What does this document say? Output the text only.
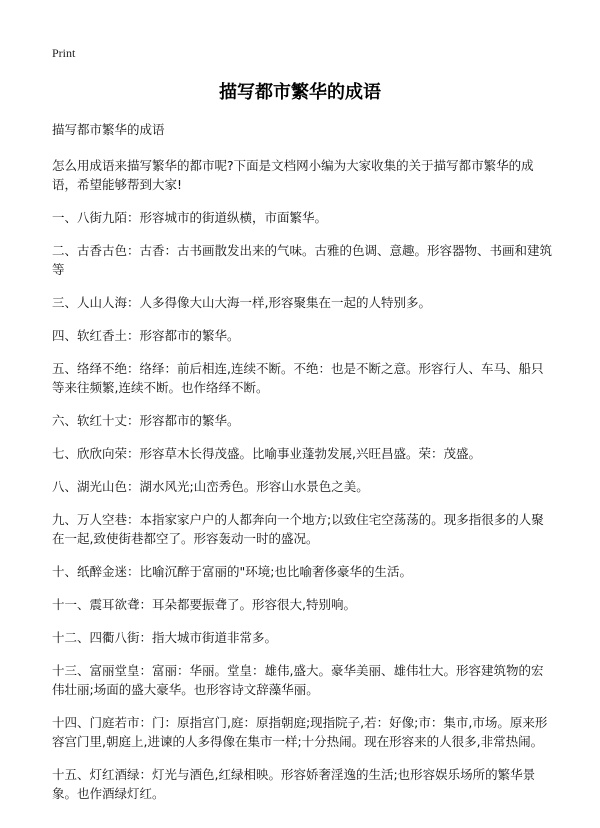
Print
描写都市繁华的成语

描写都市繁华的成语

怎么用成语来描写繁华的都市呢?下面是文档网小编为大家收集的关于描写都市繁华的成语，希望能够帮到大家!

一、八街九陌：形容城市的街道纵横，市面繁华。

二、古香古色：古香：古书画散发出来的气味。古雅的色调、意趣。形容器物、书画和建筑等

三、人山人海：人多得像大山大海一样,形容聚集在一起的人特别多。

四、软红香土：形容都市的繁华。

五、络绎不绝：络绎：前后相连,连续不断。不绝：也是不断之意。形容行人、车马、船只等来往频繁,连续不断。也作络绎不断。

六、软红十丈：形容都市的繁华。

七、欣欣向荣：形容草木长得茂盛。比喻事业蓬勃发展,兴旺昌盛。荣：茂盛。

八、湖光山色：湖水风光;山峦秀色。形容山水景色之美。

九、万人空巷：本指家家户户的人都奔向一个地方;以致住宅空荡荡的。现多指很多的人聚在一起,致使街巷都空了。形容轰动一时的盛况。

十、纸醉金迷：比喻沉醉于富丽的"环境;也比喻奢侈豪华的生活。

十一、震耳欲聋：耳朵都要振聋了。形容很大,特别响。

十二、四衢八街：指大城市街道非常多。

十三、富丽堂皇：富丽：华丽。堂皇：雄伟,盛大。豪华美丽、雄伟壮大。形容建筑物的宏伟壮丽;场面的盛大豪华。也形容诗文辞藻华丽。

十四、门庭若市：门：原指宫门,庭：原指朝庭;现指院子,若：好像;市：集市,市场。原来形容宫门里,朝庭上,进谏的人多得像在集市一样;十分热闹。现在形容来的人很多,非常热闹。

十五、灯红酒绿：灯光与酒色,红绿相映。形容娇奢淫逸的生活;也形容娱乐场所的繁华景象。也作酒绿灯红。
